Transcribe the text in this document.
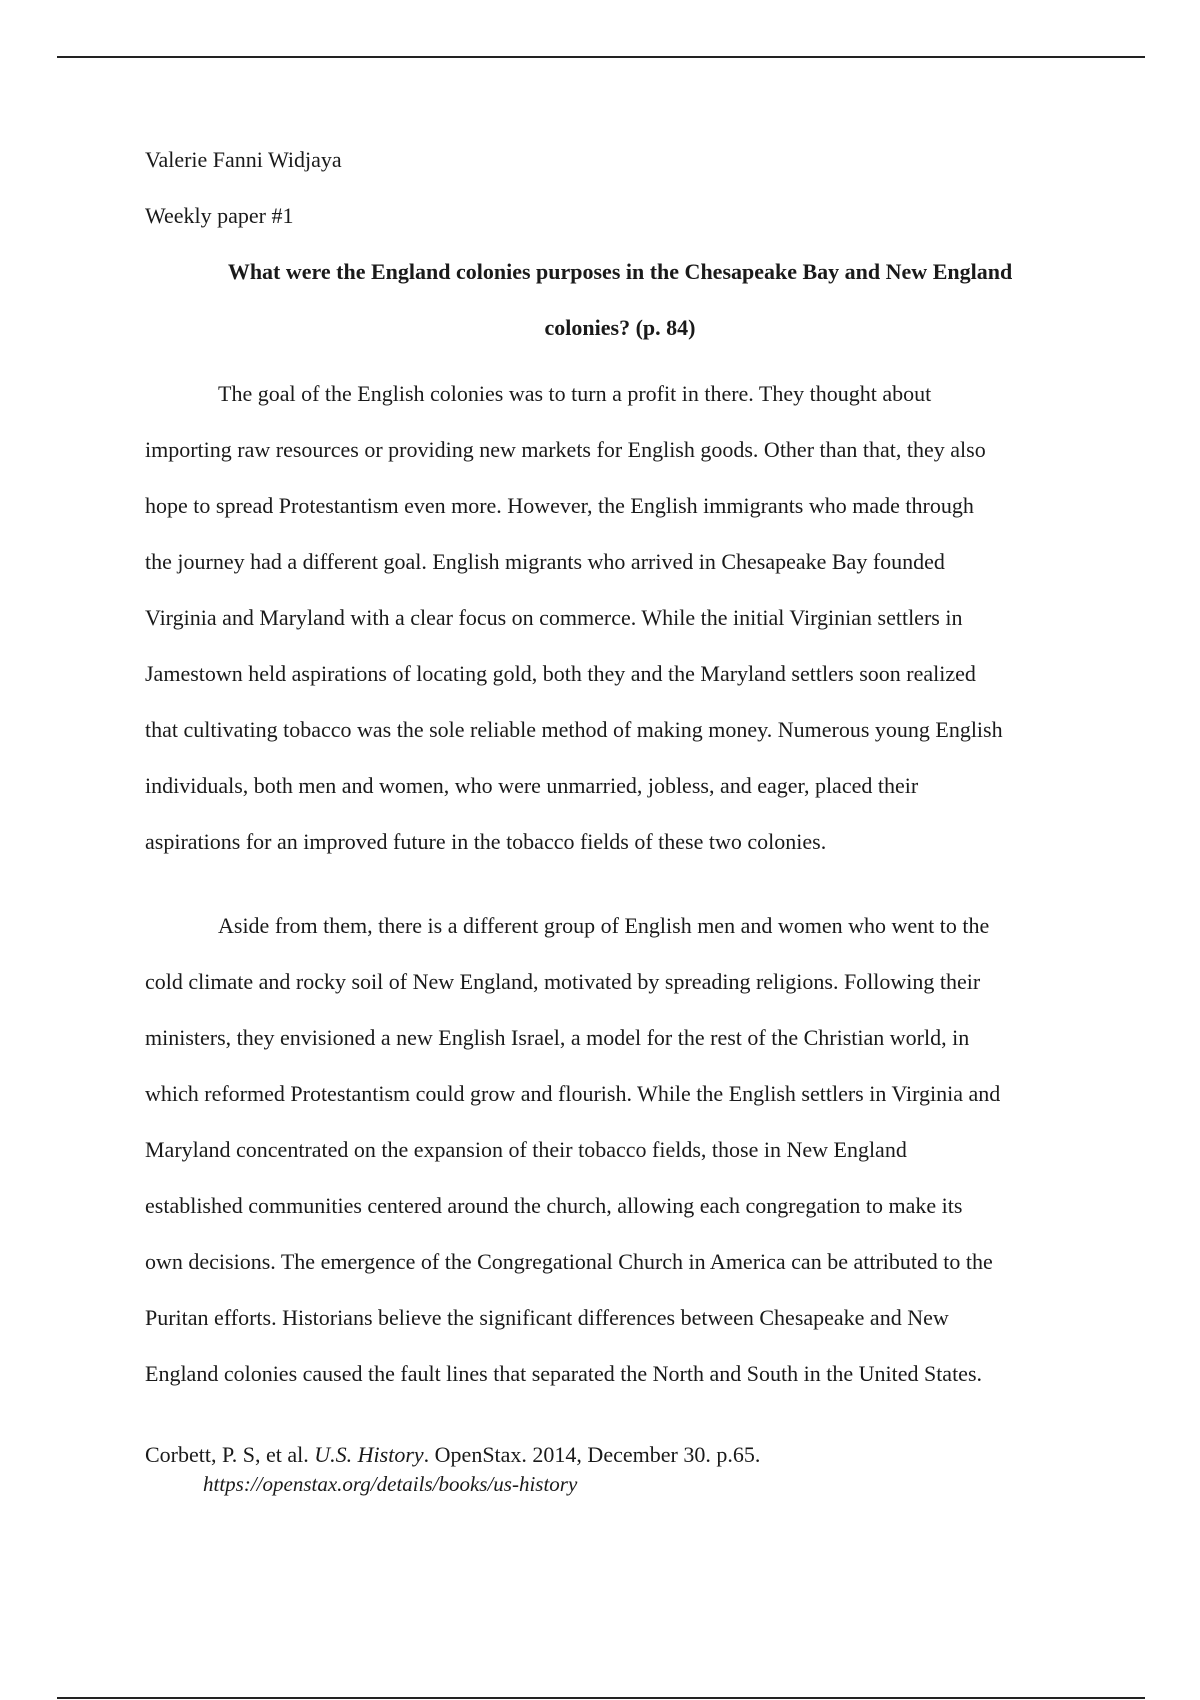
Valerie Fanni Widjaya
Weekly paper #1
What were the England colonies purposes in the Chesapeake Bay and New England
colonies? (p. 84)

The goal of the English colonies was to turn a profit in there. They thought about
importing raw resources or providing new markets for English goods. Other than that, they also
hope to spread Protestantism even more. However, the English immigrants who made through
the journey had a different goal. English migrants who arrived in Chesapeake Bay founded
Virginia and Maryland with a clear focus on commerce. While the initial Virginian settlers in
Jamestown held aspirations of locating gold, both they and the Maryland settlers soon realized
that cultivating tobacco was the sole reliable method of making money. Numerous young English
individuals, both men and women, who were unmarried, jobless, and eager, placed their
aspirations for an improved future in the tobacco fields of these two colonies.

Aside from them, there is a different group of English men and women who went to the
cold climate and rocky soil of New England, motivated by spreading religions. Following their
ministers, they envisioned a new English Israel, a model for the rest of the Christian world, in
which reformed Protestantism could grow and flourish. While the English settlers in Virginia and
Maryland concentrated on the expansion of their tobacco fields, those in New England
established communities centered around the church, allowing each congregation to make its
own decisions. The emergence of the Congregational Church in America can be attributed to the
Puritan efforts. Historians believe the significant differences between Chesapeake and New
England colonies caused the fault lines that separated the North and South in the United States.

Corbett, P. S, et al. U.S. History. OpenStax. 2014, December 30. p.65.
https://openstax.org/details/books/us-history
